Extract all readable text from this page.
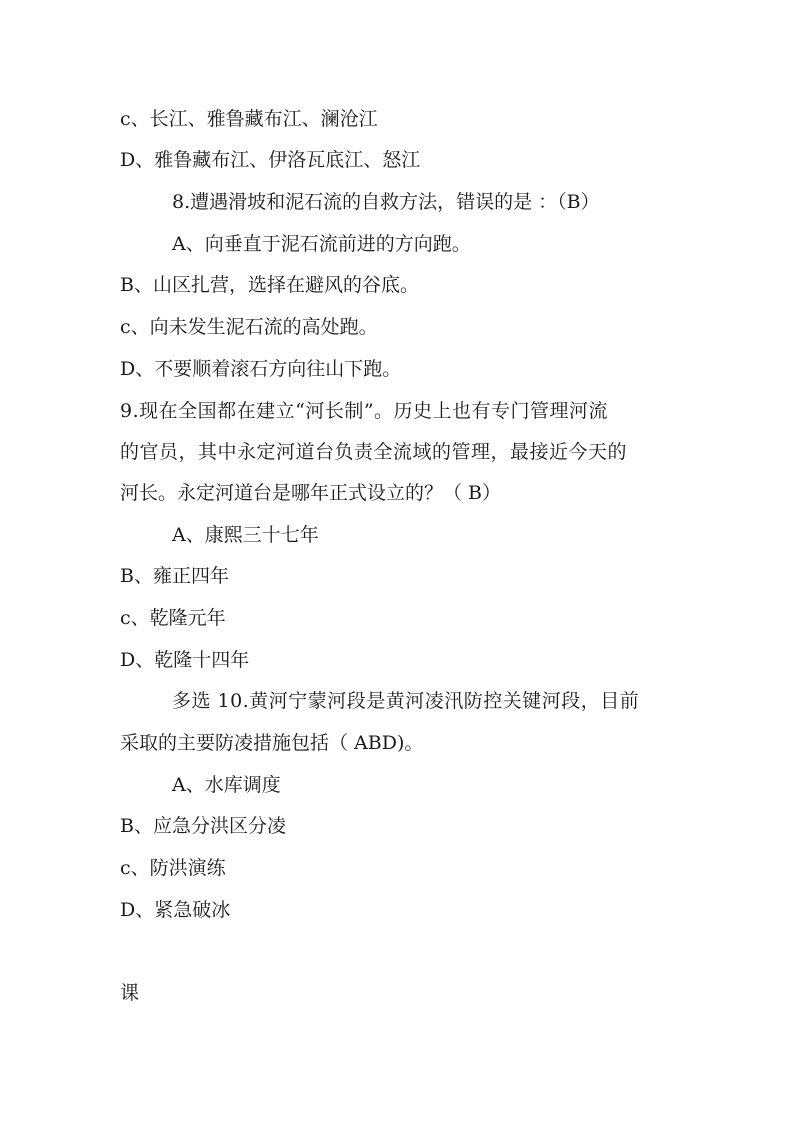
c、长江、雅鲁藏布江、澜沧江
D、雅鲁藏布江、伊洛瓦底江、怒江
8.遭遇滑坡和泥石流的自救方法，错误的是 ：（B）
A、向垂直于泥石流前进的方向跑。
B、山区扎营，选择在避风的谷底。
c、向未发生泥石流的高处跑。
D、不要顺着滚石方向往山下跑。
9.现在全国都在建立“河长制”。历史上也有专门管理河流
的官员，其中永定河道台负责全流域的管理，最接近今天的
河长。永定河道台是哪年正式设立的？（ B）
A、康熙三十七年
B、雍正四年
c、乾隆元年
D、乾隆十四年
多选 10.黄河宁蒙河段是黄河凌汛防控关键河段，目前
采取的主要防凌措施包括（ ABD)。
A、水库调度
B、应急分洪区分凌
c、防洪演练
D、紧急破冰
课
